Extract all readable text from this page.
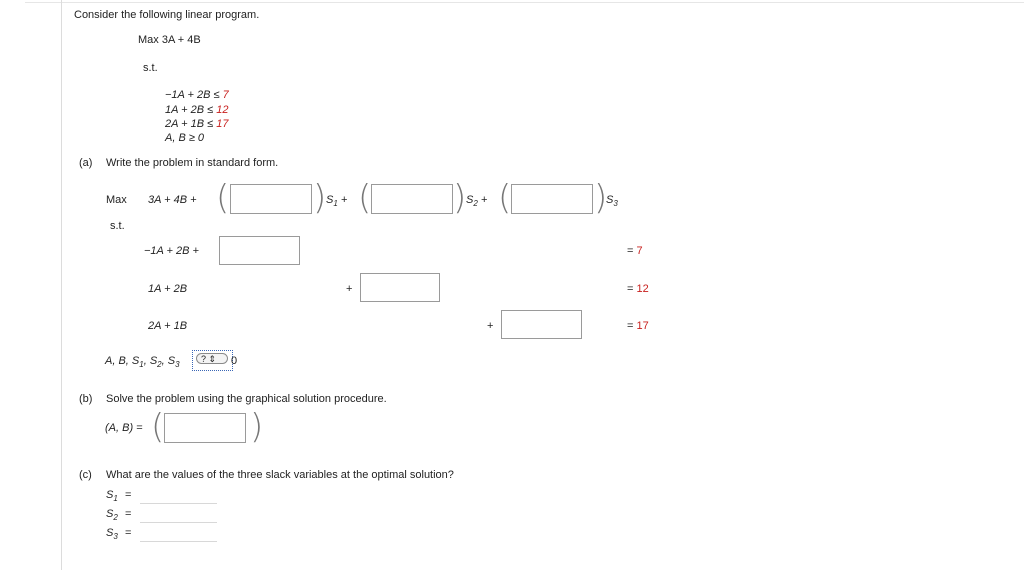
Consider the following linear program.
Max 3A + 4B
s.t.
−1A + 2B ≤ 7
1A + 2B ≤ 12
2A + 1B ≤ 17
A, B ≥ 0
(a) Write the problem in standard form.
Max 3A + 4B + ( ) $S_1$ + ( ) $S_2$ + ( )
$S_3$
s.t.
−1A + 2B +	= 7
1A + 2B	+	= 12
2A + 1B	+	= 17
A, B, $S_1$, $S_2$, $S_3$
? ⇕	0
(b) Solve the problem using the graphical solution procedure.
(A, B) = (	)
(c) What are the values of the three slack variables at the optimal solution?
$S_1$ =
$S_2$ =
$S_3$ =
